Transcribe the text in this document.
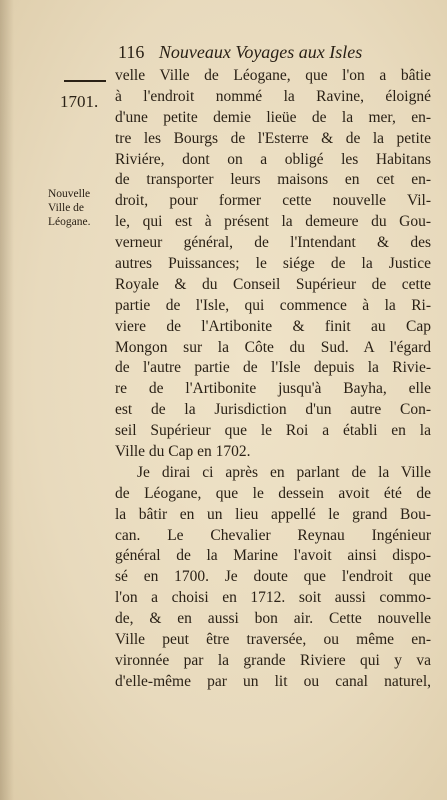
116 Nouveaux Voyages aux Isles
1701.
Nouvelle
Ville de
Léogane.
velle Ville de Léogane, que l'on a bâtie
à l'endroit nommé la Ravine, éloigné
d'une petite demie lieüe de la mer, en-
tre les Bourgs de l'Esterre & de la petite
Riviére, dont on a obligé les Habitans
de transporter leurs maisons en cet en-
droit, pour former cette nouvelle Vil-
le, qui est à présent la demeure du Gou-
verneur général, de l'Intendant & des
autres Puissances; le siége de la Justice
Royale & du Conseil Supérieur de cette
partie de l'Isle, qui commence à la Ri-
viere de l'Artibonite & finit au Cap
Mongon sur la Côte du Sud. A l'égard
de l'autre partie de l'Isle depuis la Rivie-
re de l'Artibonite jusqu'à Bayha, elle
est de la Jurisdiction d'un autre Con-
seil Supérieur que le Roi a établi en la
Ville du Cap en 1702.
Je dirai ci après en parlant de la Ville
de Léogane, que le dessein avoit été de
la bâtir en un lieu appellé le grand Bou-
can. Le Chevalier Reynau Ingénieur
général de la Marine l'avoit ainsi dispo-
sé en 1700. Je doute que l'endroit que
l'on a choisi en 1712. soit aussi commo-
de, & en aussi bon air. Cette nouvelle
Ville peut être traversée, ou même en-
vironnée par la grande Riviere qui y va
d'elle-même par un lit ou canal naturel,
